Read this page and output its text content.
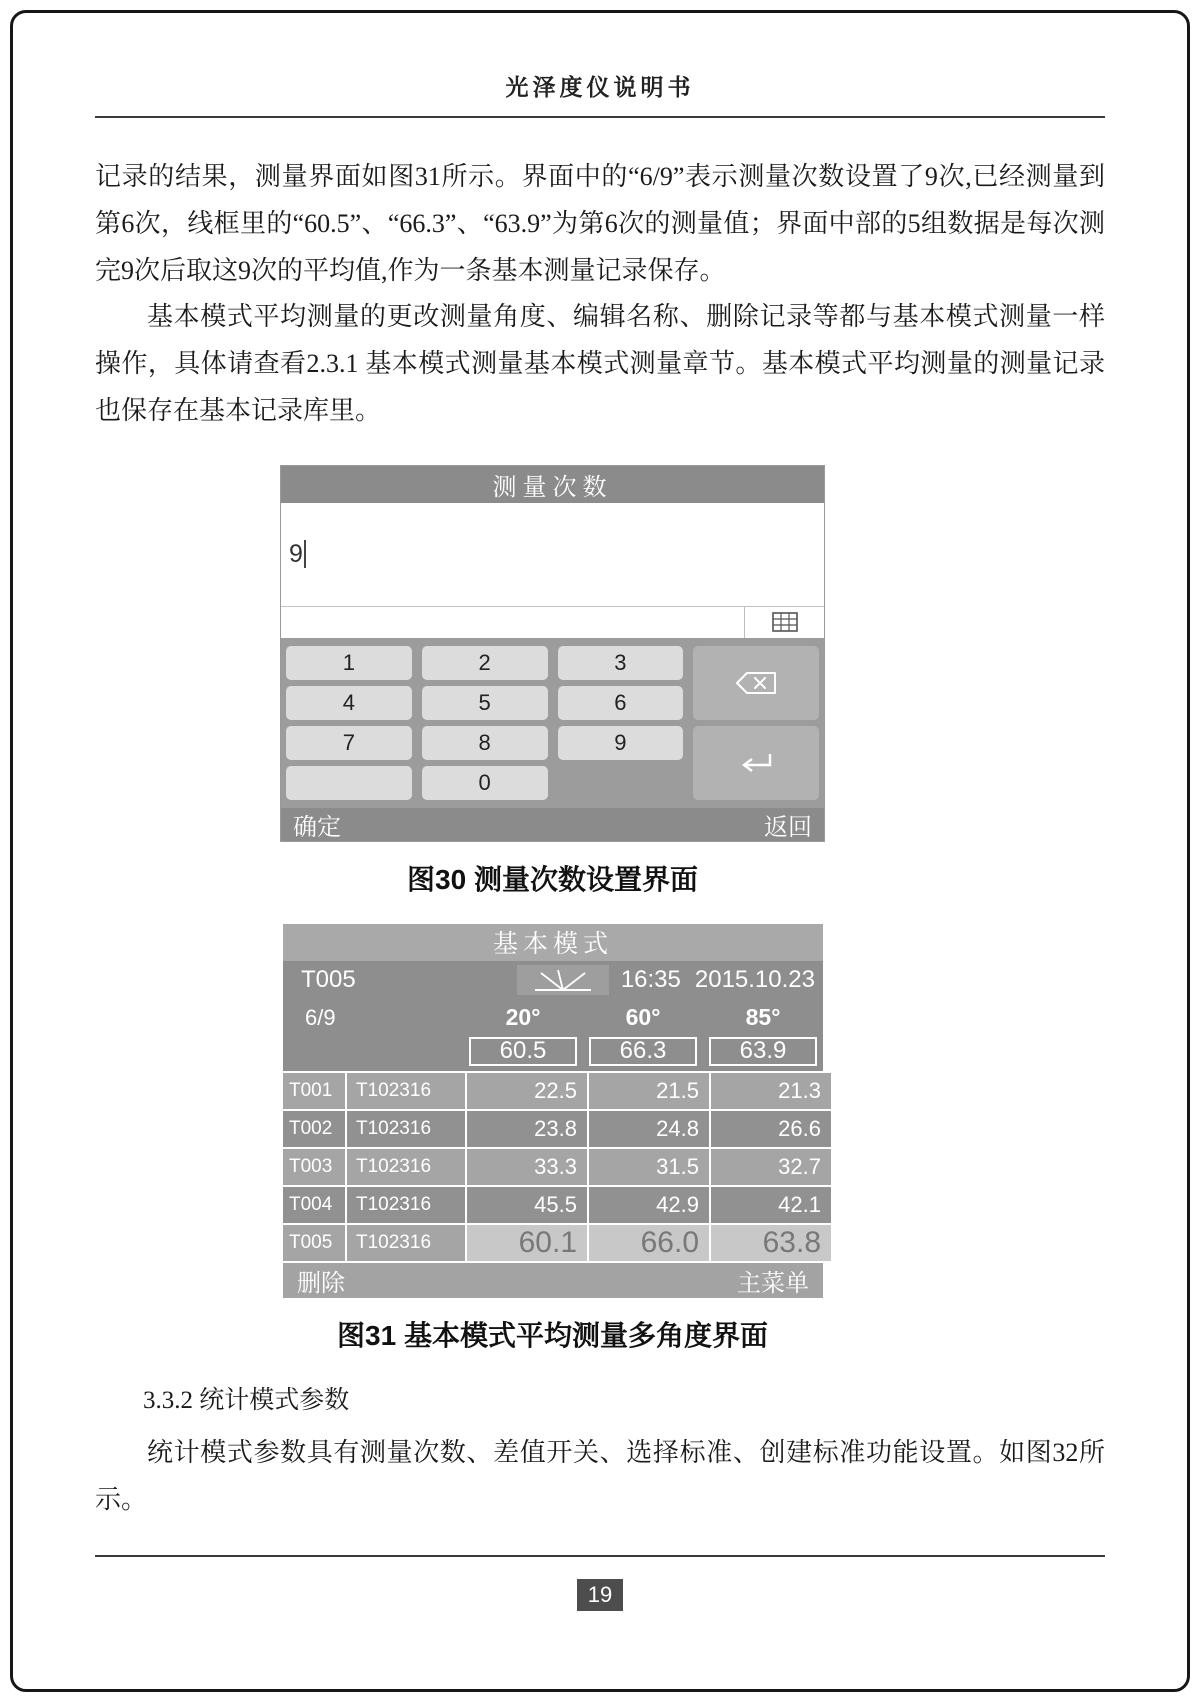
光泽度仪说明书

记录的结果，测量界面如图31所示。界面中的“6/9”表示测量次数设置了9次,已经测量到第6次，线框里的“60.5”、“66.3”、“63.9”为第6次的测量值；界面中部的5组数据是每次测完9次后取这9次的平均值,作为一条基本测量记录保存。

基本模式平均测量的更改测量角度、编辑名称、删除记录等都与基本模式测量一样操作，具体请查看2.3.1 基本模式测量基本模式测量章节。基本模式平均测量的测量记录也保存在基本记录库里。

测量次数
9
1	2	3
4	5	6
7	8	9
0
确定	返回
图30 测量次数设置界面
基本模式
T005	16:35 2015.10.23
6/9	20°	60°	85°
60.5	66.3	63.9
T001	T102316	22.5	21.5	21.3
T002	T102316	23.8	24.8	26.6
T003	T102316	33.3	31.5	32.7
T004	T102316	45.5	42.9	42.1
T005	T102316	60.1	66.0	63.8
删除	主菜单
图31 基本模式平均测量多角度界面

3.3.2 统计模式参数

统计模式参数具有测量次数、差值开关、选择标准、创建标准功能设置。如图32所示。

19
